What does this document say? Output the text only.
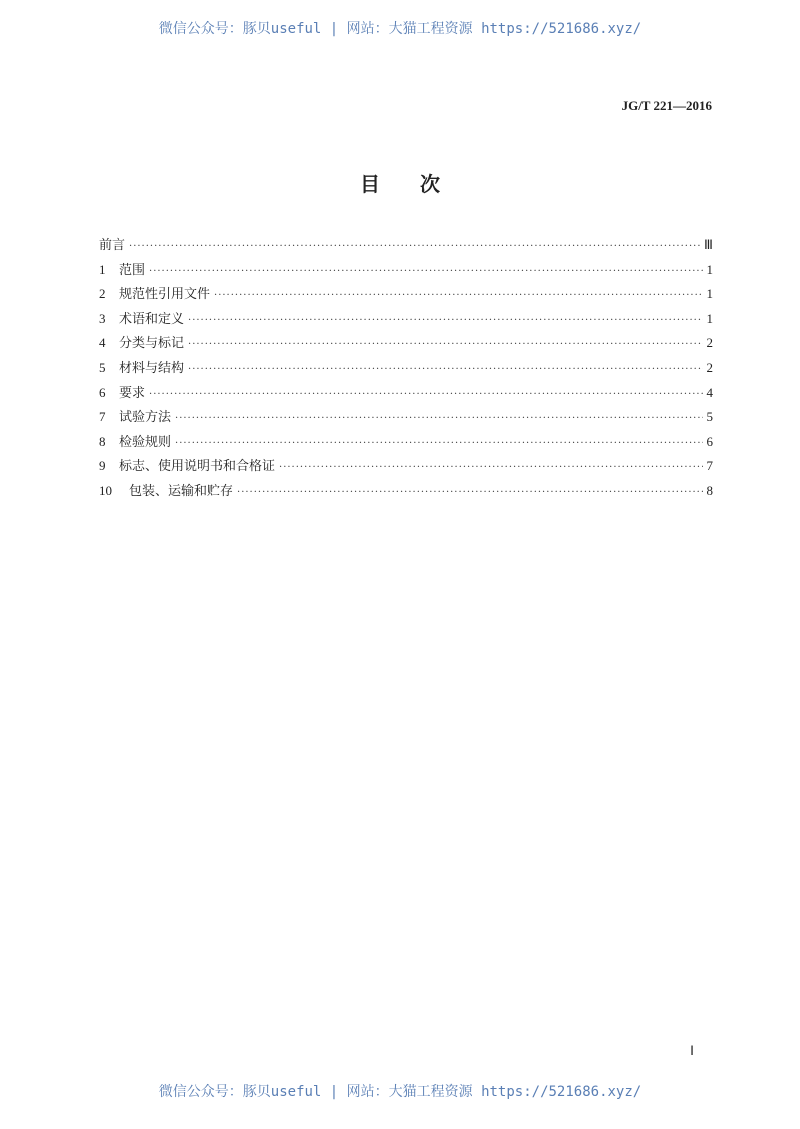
微信公众号：豚贝useful | 网站：大猫工程资源 https://521686.xyz/
JG/T 221—2016
目次
前言 ·····	Ⅲ
1	范围 ·····	1
2	规范性引用文件 ·····	1
3	术语和定义 ·····	1
4	分类与标记 ·····	2
5	材料与结构 ·····	2
6	要求 ·····	4
7	试验方法 ·····	5
8	检验规则 ·····	6
9	标志、使用说明书和合格证 ·····	7
10	包装、运输和贮存 ·····	8
Ⅰ
微信公众号：豚贝useful | 网站：大猫工程资源 https://521686.xyz/
